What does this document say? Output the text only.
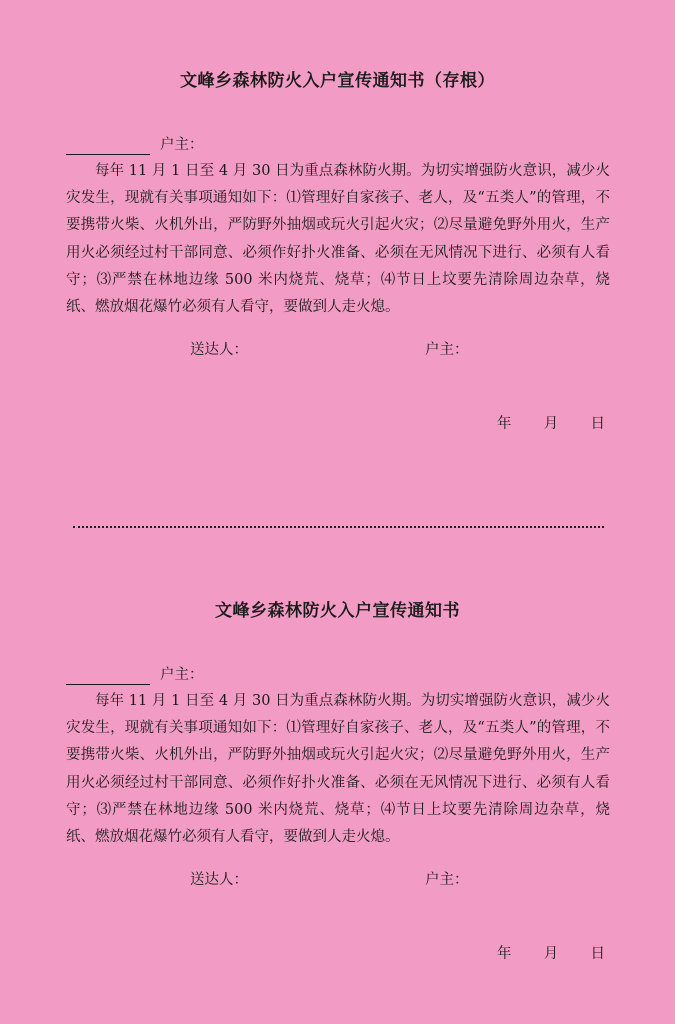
文峰乡森林防火入户宣传通知书（存根）
户主：

每年 11 月 1 日至 4 月 30 日为重点森林防火期。为切实增强防火意识，减少火灾发生，现就有关事项通知如下：⑴管理好自家孩子、老人，及“五类人”的管理，不要携带火柴、火机外出，严防野外抽烟或玩火引起火灾；⑵尽量避免野外用火，生产用火必须经过村干部同意、必须作好扑火准备、必须在无风情况下进行、必须有人看守；⑶严禁在林地边缘 500 米内烧荒、烧草；⑷节日上坟要先清除周边杂草，烧纸、燃放烟花爆竹必须有人看守，要做到人走火熄。

送达人：	户主：
年 月 日
文峰乡森林防火入户宣传通知书
户主：

每年 11 月 1 日至 4 月 30 日为重点森林防火期。为切实增强防火意识，减少火灾发生，现就有关事项通知如下：⑴管理好自家孩子、老人，及“五类人”的管理，不要携带火柴、火机外出，严防野外抽烟或玩火引起火灾；⑵尽量避免野外用火，生产用火必须经过村干部同意、必须作好扑火准备、必须在无风情况下进行、必须有人看守；⑶严禁在林地边缘 500 米内烧荒、烧草；⑷节日上坟要先清除周边杂草，烧纸、燃放烟花爆竹必须有人看守，要做到人走火熄。

送达人：	户主：
年 月 日
